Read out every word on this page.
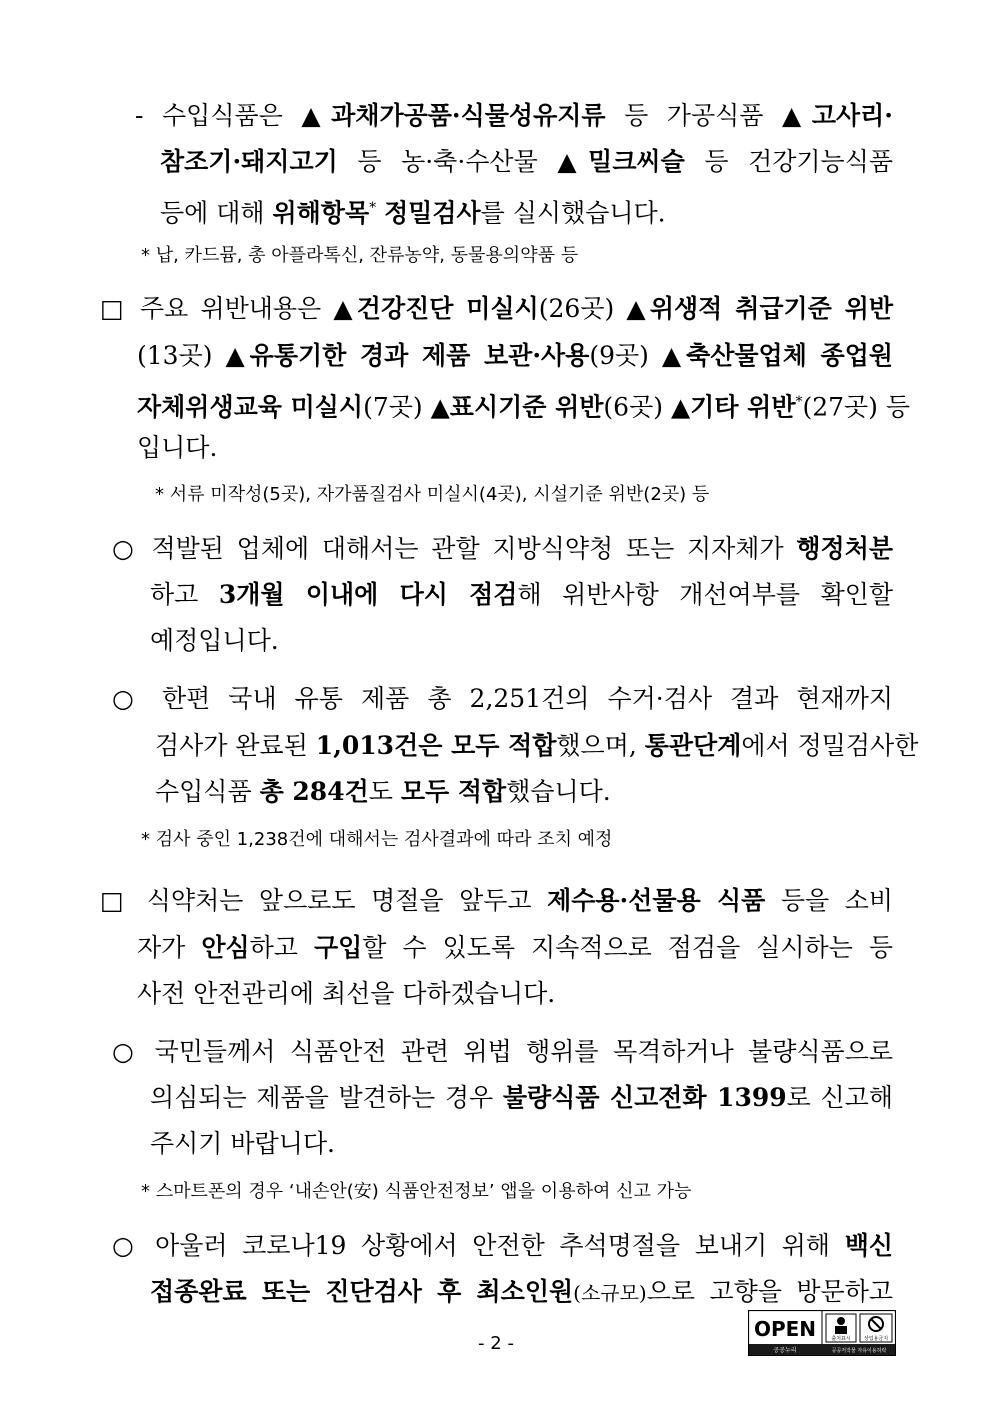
- 수입식품은 ▲과채가공품·식물성유지류 등 가공식품 ▲고사리·
참조기·돼지고기 등 농·축·수산물 ▲밀크씨슬 등 건강기능식품
등에 대해 위해항목* 정밀검사를 실시했습니다.
* 납, 카드뮴, 총 아플라톡신, 잔류농약, 동물용의약품 등
□ 주요 위반내용은 ▲건강진단 미실시(26곳) ▲위생적 취급기준 위반
(13곳) ▲유통기한 경과 제품 보관·사용(9곳) ▲축산물업체 종업원
자체위생교육 미실시(7곳) ▲표시기준 위반(6곳) ▲기타 위반*(27곳) 등
입니다.
* 서류 미작성(5곳), 자가품질검사 미실시(4곳), 시설기준 위반(2곳) 등
○ 적발된 업체에 대해서는 관할 지방식약청 또는 지자체가 행정처분
하고 3개월 이내에 다시 점검해 위반사항 개선여부를 확인할
예정입니다.
○ 한편 국내 유통 제품 총 2,251건의 수거·검사 결과 현재까지
검사가 완료된 1,013건은 모두 적합했으며, 통관단계에서 정밀검사한
수입식품 총 284건도 모두 적합했습니다.
* 검사 중인 1,238건에 대해서는 검사결과에 따라 조치 예정
□ 식약처는 앞으로도 명절을 앞두고 제수용·선물용 식품 등을 소비
자가 안심하고 구입할 수 있도록 지속적으로 점검을 실시하는 등
사전 안전관리에 최선을 다하겠습니다.
○ 국민들께서 식품안전 관련 위법 행위를 목격하거나 불량식품으로
의심되는 제품을 발견하는 경우 불량식품 신고전화 1399로 신고해
주시기 바랍니다.
* 스마트폰의 경우 ‘내손안(安) 식품안전정보’ 앱을 이용하여 신고 가능
○ 아울러 코로나19 상황에서 안전한 추석명절을 보내기 위해 백신
접종완료 또는 진단검사 후 최소인원(소규모)으로 고향을 방문하고
- 2 -
OPEN	출처표시	상업용금지
공공누리	공공저작물 자유이용허락
